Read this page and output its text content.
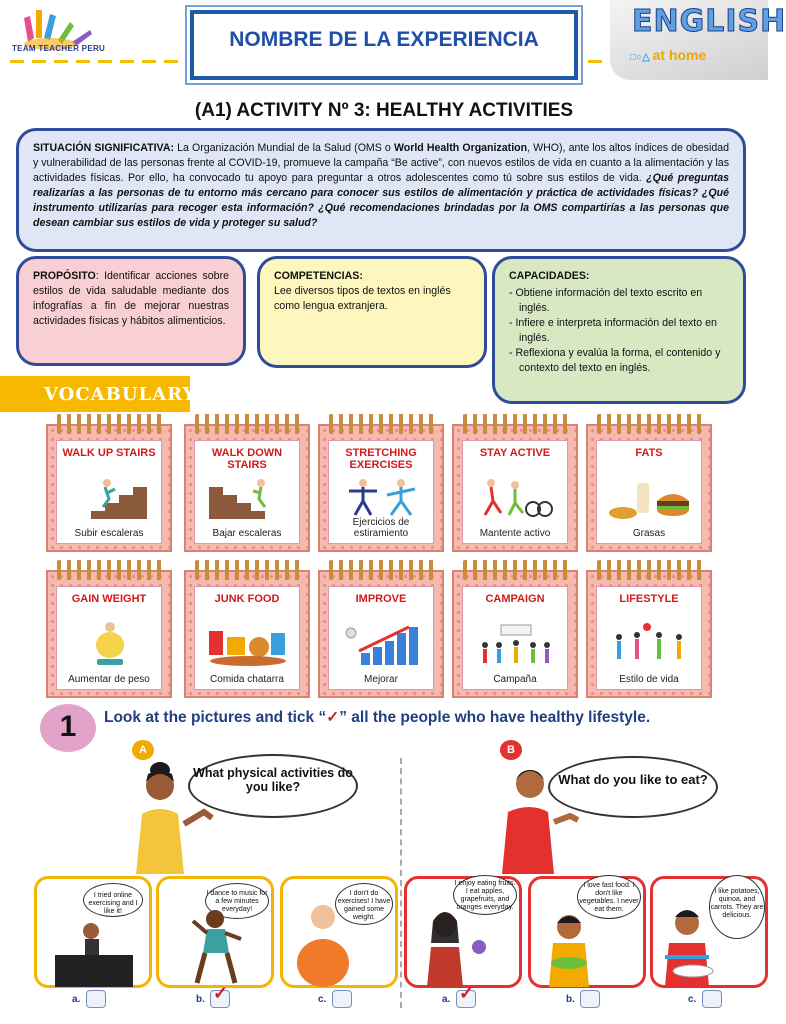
TEAM TEACHER PERU	NOMBRE DE LA EXPERIENCIA
ENGLISH
□○△ at home
(A1) ACTIVITY Nº 3: HEALTHY ACTIVITIES
SITUACIÓN SIGNIFICATIVA: La Organización Mundial de la Salud (OMS o World Health Organization, WHO), ante los altos índices de obesidad y vulnerabilidad de las personas frente al COVID-19, promueve la campaña “Be active”, con nuevos estilos de vida en cuanto a la alimentación y las actividades físicas. Por ello, ha convocado tu apoyo para preguntar a otros adolescentes como tú sobre sus estilos de vida. ¿Qué preguntas realizarías a las personas de tu entorno más cercano para conocer sus estilos de alimentación y práctica de actividades físicas? ¿Qué instrumento utilizarías para recoger esta información? ¿Qué recomendaciones brindadas por la OMS compartirías a las personas que desean cambiar sus estilos de vida y proteger su salud?
PROPÓSITO: Identificar acciones sobre estilos de vida saludable mediante dos infografías a fin de mejorar nuestras actividades físicas y hábitos alimenticios.
COMPETENCIAS:
Lee diversos tipos de textos en inglés como lengua extranjera.
CAPACIDADES:
- Obtiene información del texto escrito en inglés.
- Infiere e interpreta información del texto en inglés.
- Reflexiona y evalúa la forma, el contenido y contexto del texto en inglés.
VOCABULARY
WALK UP STAIRS
Subir escaleras
WALK DOWN STAIRS
Bajar escaleras
STRETCHING EXERCISES
Ejercicios de estiramiento
STAY ACTIVE
Mantente activo
FATS
Grasas
GAIN WEIGHT
Aumentar de peso
JUNK FOOD
Comida chatarra
IMPROVE
Mejorar
CAMPAIGN
Campaña
LIFESTYLE
Estilo de vida
1	Look at the pictures and tick “✓” all the people who have healthy lifestyle.
A
What physical activities do you like?
I tried online exercising and I like it!
I dance to music for a few minutes everyday!
I don't do exercises! I have gained some weight.
a.	b. ✓	c.
B
What do you like to eat?
I enjoy eating fruits. I eat apples, grapefruits, and oranges everyday.
I love fast food. I don't like vegetables. I never eat them.
I like potatoes, quinoa, and carrots. They are delicious.
a. ✓	b.	c.
